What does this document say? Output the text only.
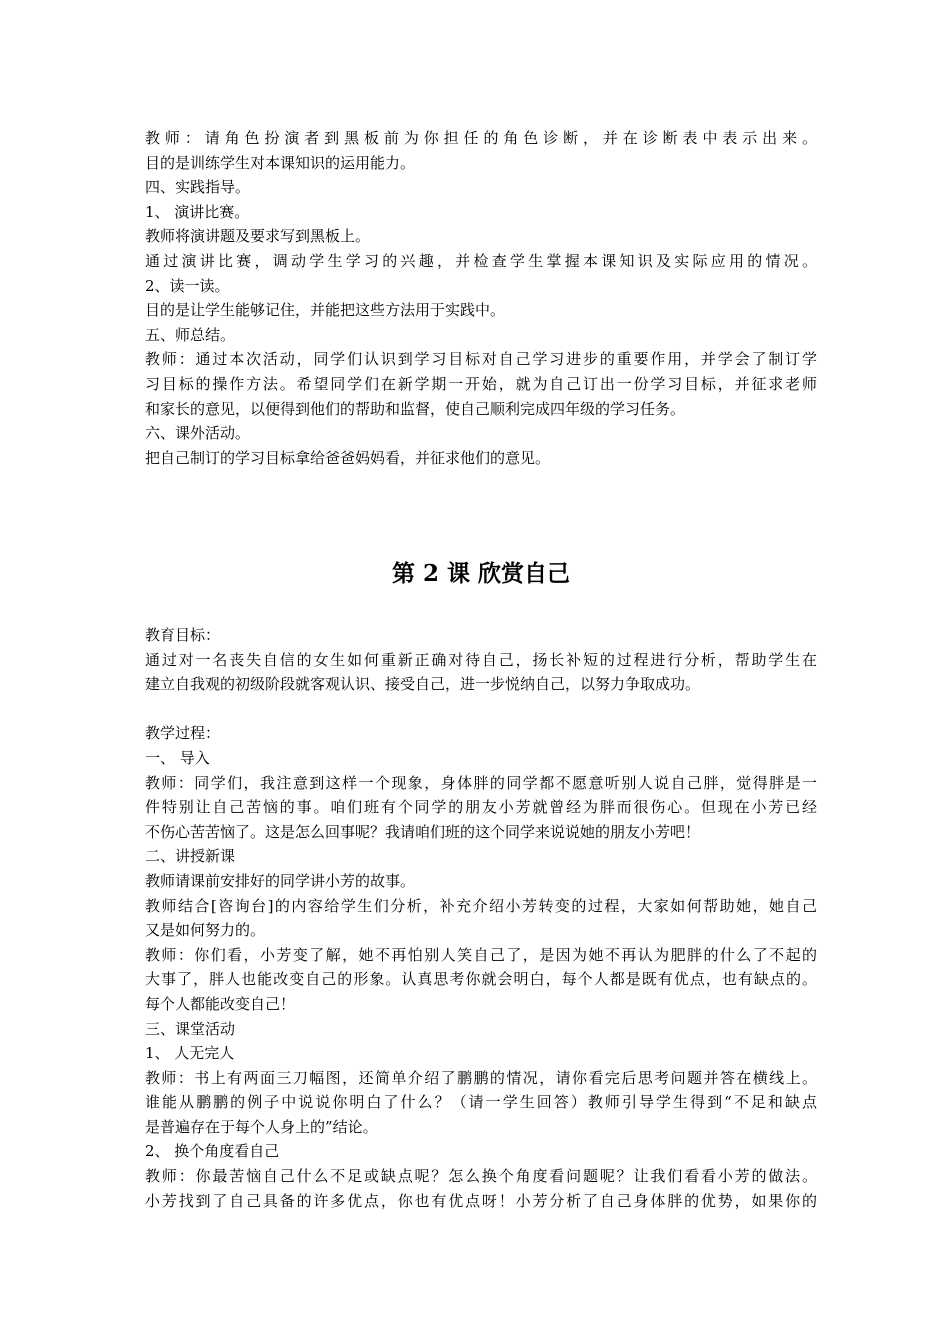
教师：请角色扮演者到黑板前为你担任的角色诊断，并在诊断表中表示出来。
目的是训练学生对本课知识的运用能力。
四、实践指导。
1、 演讲比赛。
教师将演讲题及要求写到黑板上。
通过演讲比赛，调动学生学习的兴趣，并检查学生掌握本课知识及实际应用的情况。
2、读一读。
目的是让学生能够记住，并能把这些方法用于实践中。
五、师总结。
教师：通过本次活动，同学们认识到学习目标对自己学习进步的重要作用，并学会了制订学
习目标的操作方法。希望同学们在新学期一开始，就为自己订出一份学习目标，并征求老师
和家长的意见，以便得到他们的帮助和监督，使自己顺利完成四年级的学习任务。
六、课外活动。
把自己制订的学习目标拿给爸爸妈妈看，并征求他们的意见。
第 2 课 欣赏自己
教育目标：
通过对一名丧失自信的女生如何重新正确对待自己，扬长补短的过程进行分析，帮助学生在
建立自我观的初级阶段就客观认识、接受自己，进一步悦纳自己，以努力争取成功。
教学过程：
一、 导入
教师：同学们，我注意到这样一个现象，身体胖的同学都不愿意听别人说自己胖，觉得胖是一
件特别让自己苦恼的事。咱们班有个同学的朋友小芳就曾经为胖而很伤心。但现在小芳已经
不伤心苦苦恼了。这是怎么回事呢？我请咱们班的这个同学来说说她的朋友小芳吧！
二、讲授新课
教师请课前安排好的同学讲小芳的故事。
教师结合[咨询台]的内容给学生们分析，补充介绍小芳转变的过程，大家如何帮助她，她自己
又是如何努力的。
教师：你们看，小芳变了解，她不再怕别人笑自己了，是因为她不再认为肥胖的什么了不起的
大事了，胖人也能改变自己的形象。认真思考你就会明白，每个人都是既有优点，也有缺点的。
每个人都能改变自己！
三、课堂活动
1、 人无完人
教师：书上有两面三刀幅图，还简单介绍了鹏鹏的情况，请你看完后思考问题并答在横线上。
谁能从鹏鹏的例子中说说你明白了什么？（请一学生回答）教师引导学生得到“不足和缺点
是普遍存在于每个人身上的”结论。
2、 换个角度看自己
教师：你最苦恼自己什么不足或缺点呢？怎么换个角度看问题呢？让我们看看小芳的做法。
小芳找到了自己具备的许多优点，你也有优点呀！小芳分析了自己身体胖的优势，如果你的
